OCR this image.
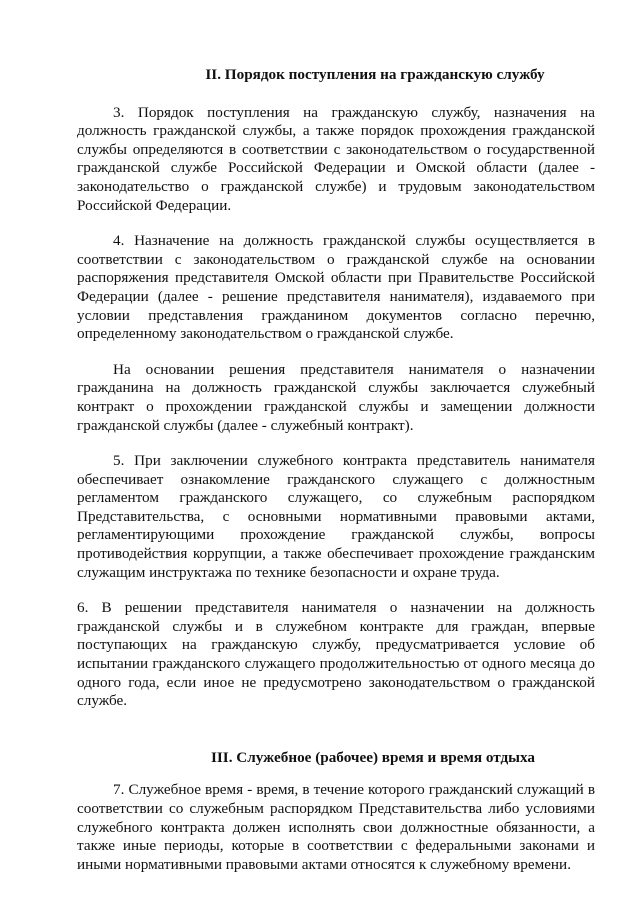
II. Порядок поступления на гражданскую службу

3. Порядок поступления на гражданскую службу, назначения на должность гражданской службы, а также порядок прохождения гражданской службы определяются в соответствии с законодательством о государственной гражданской службе Российской Федерации и Омской области (далее - законодательство о гражданской службе) и трудовым законодательством Российской Федерации.

4. Назначение на должность гражданской службы осуществляется в соответствии с законодательством о гражданской службе на основании распоряжения представителя Омской области при Правительстве Российской Федерации (далее - решение представителя нанимателя), издаваемого при условии представления гражданином документов согласно перечню, определенному законодательством о гражданской службе.

На основании решения представителя нанимателя о назначении гражданина на должность гражданской службы заключается служебный контракт о прохождении гражданской службы и замещении должности гражданской службы (далее - служебный контракт).

5. При заключении служебного контракта представитель нанимателя обеспечивает ознакомление гражданского служащего с должностным регламентом гражданского служащего, со служебным распорядком Представительства, с основными нормативными правовыми актами, регламентирующими прохождение гражданской службы, вопросы противодействия коррупции, а также обеспечивает прохождение гражданским служащим инструктажа по технике безопасности и охране труда.

6. В решении представителя нанимателя о назначении на должность гражданской службы и в служебном контракте для граждан, впервые поступающих на гражданскую службу, предусматривается условие об испытании гражданского служащего продолжительностью от одного месяца до одного года, если иное не предусмотрено законодательством о гражданской службе.

III. Служебное (рабочее) время и время отдыха

7. Служебное время - время, в течение которого гражданский служащий в соответствии со служебным распорядком Представительства либо условиями служебного контракта должен исполнять свои должностные обязанности, а также иные периоды, которые в соответствии с федеральными законами и иными нормативными правовыми актами относятся к служебному времени.
